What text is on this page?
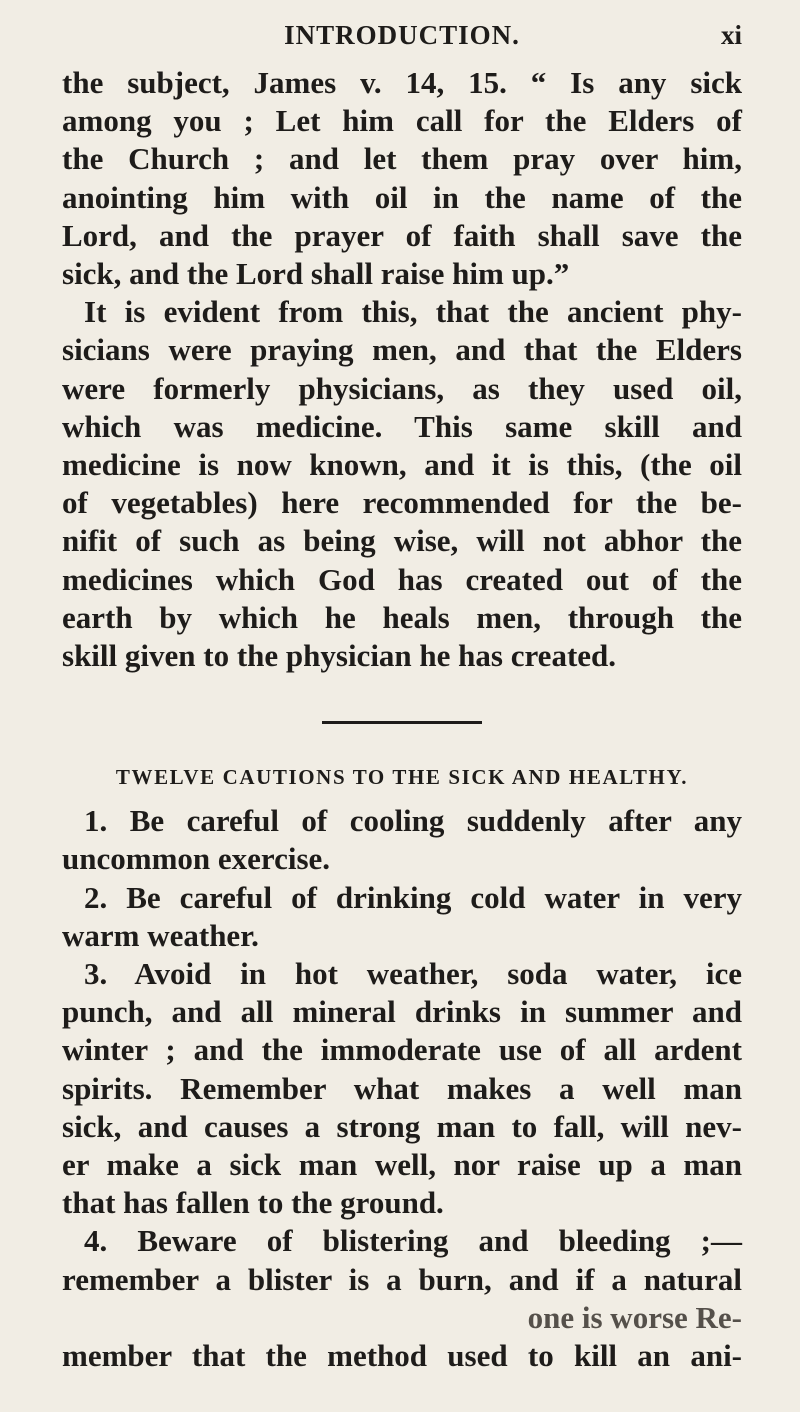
INTRODUCTION.	xi
the subject, James v. 14, 15. “ Is any sick
among you ; Let him call for the Elders of
the Church ; and let them pray over him,
anointing him with oil in the name of the
Lord, and the prayer of faith shall save the
sick, and the Lord shall raise him up.”
It is evident from this, that the ancient phy-
sicians were praying men, and that the Elders
were formerly physicians, as they used oil,
which was medicine. This same skill and
medicine is now known, and it is this, (the oil
of vegetables) here recommended for the be-
nifit of such as being wise, will not abhor the
medicines which God has created out of the
earth by which he heals men, through the
skill given to the physician he has created.
TWELVE CAUTIONS TO THE SICK AND HEALTHY.
1. Be careful of cooling suddenly after any
uncommon exercise.
2. Be careful of drinking cold water in very
warm weather.
3. Avoid in hot weather, soda water, ice
punch, and all mineral drinks in summer and
winter ; and the immoderate use of all ardent
spirits. Remember what makes a well man
sick, and causes a strong man to fall, will nev-
er make a sick man well, nor raise up a man
that has fallen to the ground.
4. Beware of blistering and bleeding ;—
remember a blister is a burn, and if a natural
one is worse Re-
member that the method used to kill an ani-
